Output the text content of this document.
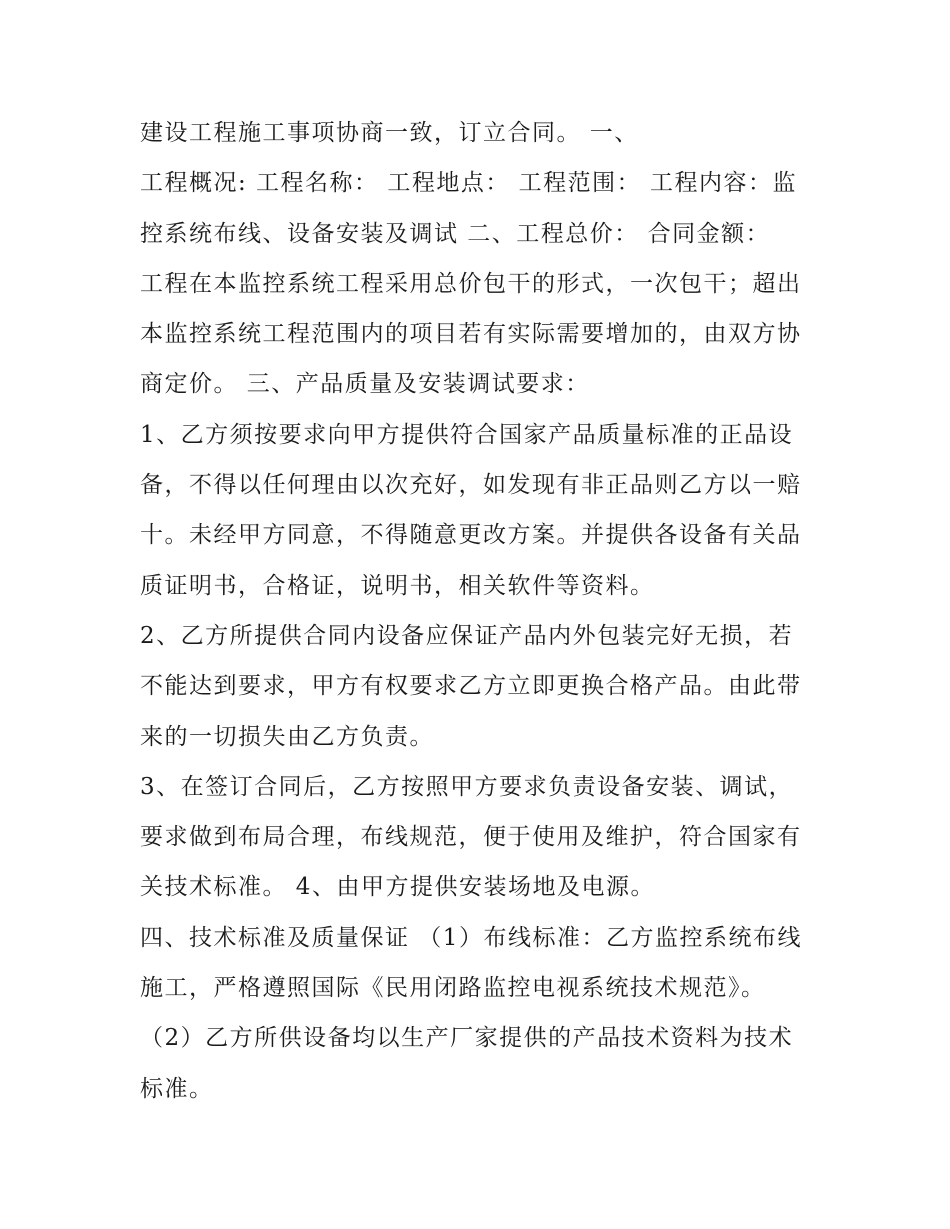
建设工程施工事项协商一致，订立合同。 一、
工程概况: 工程名称： 工程地点： 工程范围： 工程内容：监
控系统布线、设备安装及调试 二、工程总价： 合同金额：
工程在本监控系统工程采用总价包干的形式，一次包干；超出
本监控系统工程范围内的项目若有实际需要增加的，由双方协
商定价。 三、产品质量及安装调试要求：
1、乙方须按要求向甲方提供符合国家产品质量标准的正品设
备，不得以任何理由以次充好，如发现有非正品则乙方以一赔
十。未经甲方同意，不得随意更改方案。并提供各设备有关品
质证明书，合格证，说明书，相关软件等资料。
2、乙方所提供合同内设备应保证产品内外包装完好无损，若
不能达到要求，甲方有权要求乙方立即更换合格产品。由此带
来的一切损失由乙方负责。
3、在签订合同后，乙方按照甲方要求负责设备安装、调试，
要求做到布局合理，布线规范，便于使用及维护，符合国家有
关技术标准。 4、由甲方提供安装场地及电源。
四、技术标准及质量保证 （1）布线标准：乙方监控系统布线
施工，严格遵照国际《民用闭路监控电视系统技术规范》。
（2）乙方所供设备均以生产厂家提供的产品技术资料为技术
标准。
